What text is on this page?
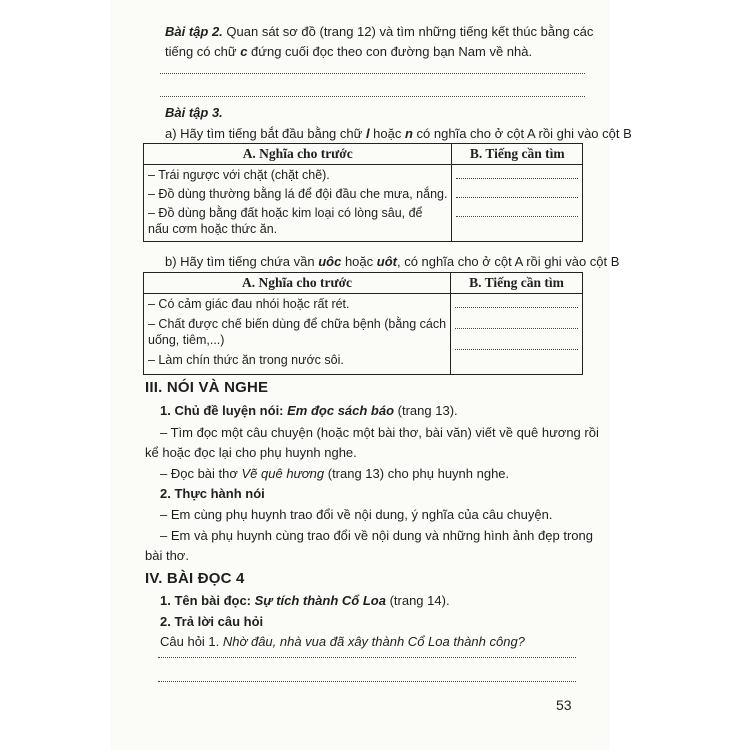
Bài tập 2. Quan sát sơ đồ (trang 12) và tìm những tiếng kết thúc bằng các
tiếng có chữ c đứng cuối đọc theo con đường bạn Nam về nhà.
Bài tập 3.
a) Hãy tìm tiếng bắt đầu bằng chữ l hoặc n có nghĩa cho ở cột A rồi ghi vào cột B
A. Nghĩa cho trước	B. Tiếng cần tìm

– Trái ngược với chặt (chặt chẽ).
– Đồ dùng thường bằng lá để đội đầu che mưa, nắng.
– Đồ dùng bằng đất hoặc kim loại có lòng sâu, để
nấu cơm hoặc thức ăn.	

b) Hãy tìm tiếng chứa vần uôc hoặc uôt, có nghĩa cho ở cột A rồi ghi vào cột B
A. Nghĩa cho trước	B. Tiếng cần tìm

– Có cảm giác đau nhói hoặc rất rét.
– Chất được chế biến dùng để chữa bệnh (bằng cách
uống, tiêm,...)
– Làm chín thức ăn trong nước sôi.	

III. NÓI VÀ NGHE
1. Chủ đề luyện nói: Em đọc sách báo (trang 13).
– Tìm đọc một câu chuyện (hoặc một bài thơ, bài văn) viết về quê hương rồi
kể hoặc đọc lại cho phụ huynh nghe.
– Đọc bài thơ Vẽ quê hương (trang 13) cho phụ huynh nghe.
2. Thực hành nói
– Em cùng phụ huynh trao đổi về nội dung, ý nghĩa của câu chuyện.
– Em và phụ huynh cùng trao đổi về nội dung và những hình ảnh đẹp trong
bài thơ.
IV. BÀI ĐỌC 4
1. Tên bài đọc: Sự tích thành Cổ Loa (trang 14).
2. Trả lời câu hỏi
Câu hỏi 1. Nhờ đâu, nhà vua đã xây thành Cổ Loa thành công?
53
